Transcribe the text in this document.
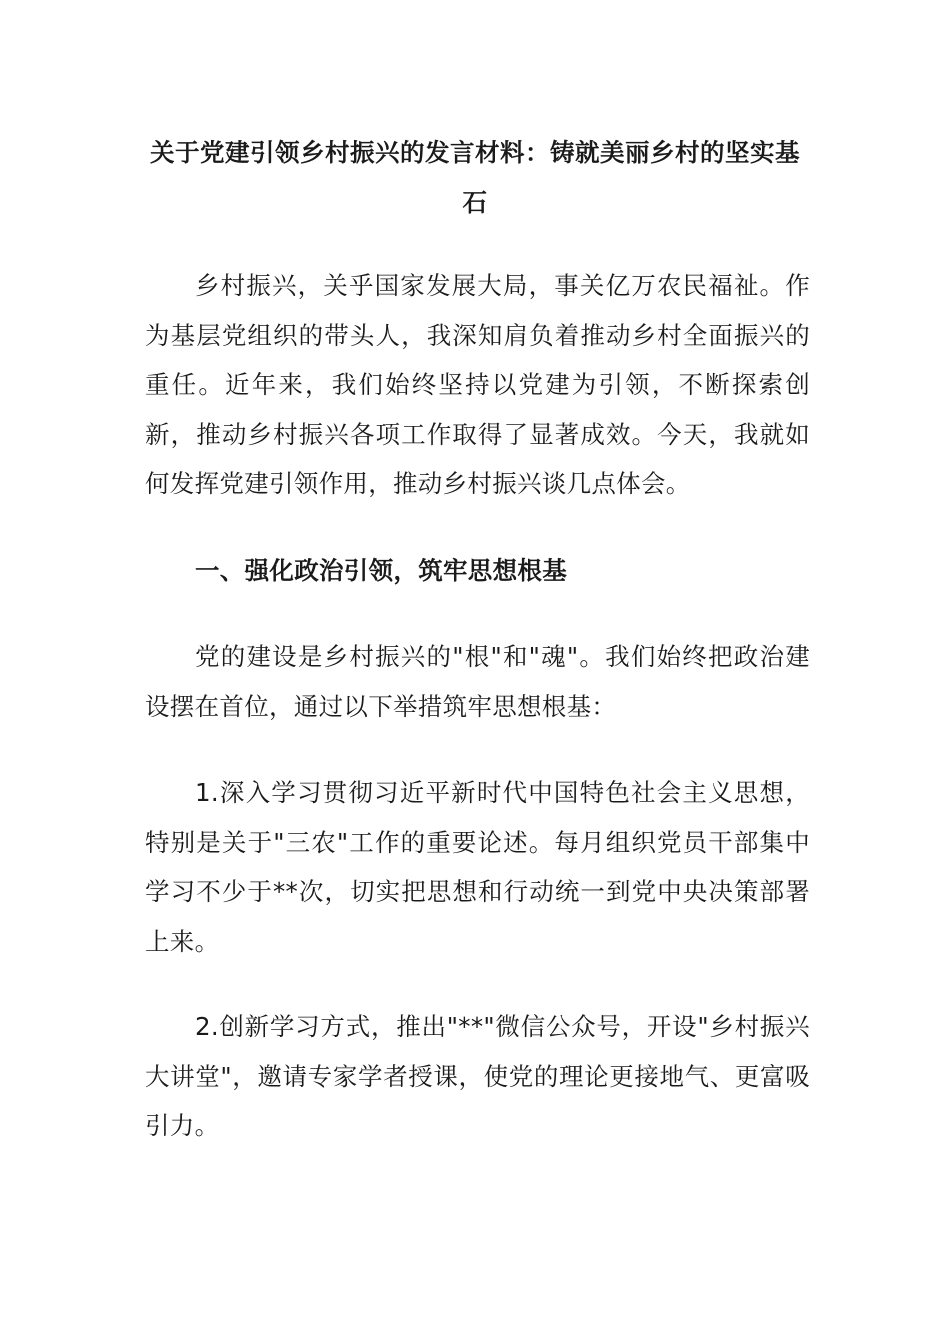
关于党建引领乡村振兴的发言材料：铸就美丽乡村的坚实基石

乡村振兴，关乎国家发展大局，事关亿万农民福祉。作为基层党组织的带头人，我深知肩负着推动乡村全面振兴的重任。近年来，我们始终坚持以党建为引领，不断探索创新，推动乡村振兴各项工作取得了显著成效。今天，我就如何发挥党建引领作用，推动乡村振兴谈几点体会。

一、强化政治引领，筑牢思想根基

党的建设是乡村振兴的"根"和"魂"。我们始终把政治建设摆在首位，通过以下举措筑牢思想根基：

1.深入学习贯彻习近平新时代中国特色社会主义思想，特别是关于"三农"工作的重要论述。每月组织党员干部集中学习不少于**次，切实把思想和行动统一到党中央决策部署上来。

2.创新学习方式，推出"**"微信公众号，开设"乡村振兴大讲堂"，邀请专家学者授课，使党的理论更接地气、更富吸引力。
